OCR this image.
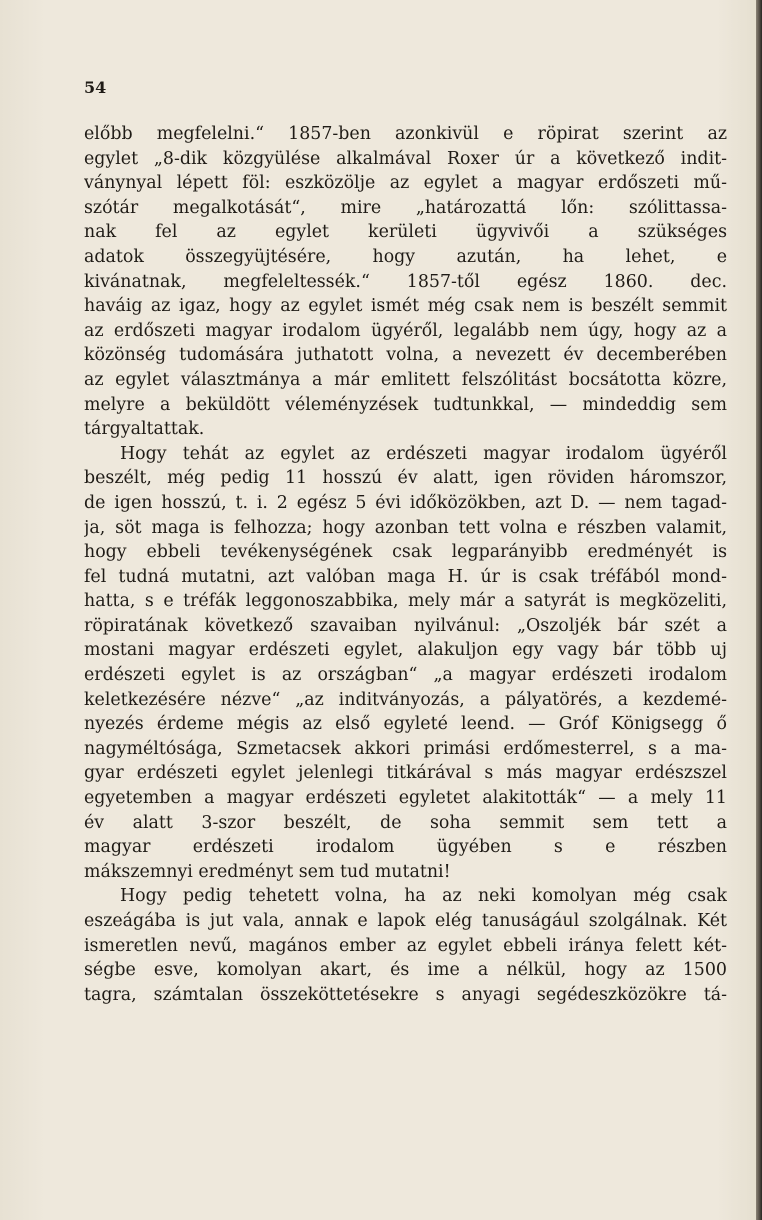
54
előbb megfelelni.“ 1857-ben azonkivül e röpirat szerint az
egylet „8-dik közgyülése alkalmával Roxer úr a következő indit-
ványnyal lépett föl: eszközölje az egylet a magyar erdőszeti mű-
szótár megalkotását“, mire „határozattá lőn: szólittassa-
nak fel az egylet kerületi ügyvivői a szükséges
adatok összegyüjtésére, hogy azután, ha lehet, e
kivánatnak, megfeleltessék.“ 1857-től egész 1860. dec.
haváig az igaz, hogy az egylet ismét még csak nem is beszélt semmit
az erdőszeti magyar irodalom ügyéről, legalább nem úgy, hogy az a
közönség tudomására juthatott volna, a nevezett év decemberében
az egylet választmánya a már emlitett felszólitást bocsátotta közre,
melyre a beküldött véleményzések tudtunkkal, — mindeddig sem
tárgyaltattak.
Hogy tehát az egylet az erdészeti magyar irodalom ügyéről
beszélt, még pedig 11 hosszú év alatt, igen röviden háromszor,
de igen hosszú, t. i. 2 egész 5 évi időközökben, azt D. — nem tagad-
ja, söt maga is felhozza; hogy azonban tett volna e részben valamit,
hogy ebbeli tevékenységének csak legparányibb eredményét is
fel tudná mutatni, azt valóban maga H. úr is csak tréfából mond-
hatta, s e tréfák leggonoszabbika, mely már a satyrát is megközeliti,
röpiratának következő szavaiban nyilvánul: „Oszoljék bár szét a
mostani magyar erdészeti egylet, alakuljon egy vagy bár több uj
erdészeti egylet is az országban“ „a magyar erdészeti irodalom
keletkezésére nézve“ „az inditványozás, a pályatörés, a kezdemé-
nyezés érdeme mégis az első egyleté leend. — Gróf Königsegg ő
nagyméltósága, Szmetacsek akkori primási erdőmesterrel, s a ma-
gyar erdészeti egylet jelenlegi titkárával s más magyar erdészszel
egyetemben a magyar erdészeti egyletet alakitották“ — a mely 11
év alatt 3-szor beszélt, de soha semmit sem tett a
magyar erdészeti irodalom ügyében s e részben
mákszemnyi eredményt sem tud mutatni!
Hogy pedig tehetett volna, ha az neki komolyan még csak
eszeágába is jut vala, annak e lapok elég tanuságául szolgálnak. Két
ismeretlen nevű, magános ember az egylet ebbeli iránya felett két-
ségbe esve, komolyan akart, és ime a nélkül, hogy az 1500
tagra, számtalan összeköttetésekre s anyagi segédeszközökre tá-
